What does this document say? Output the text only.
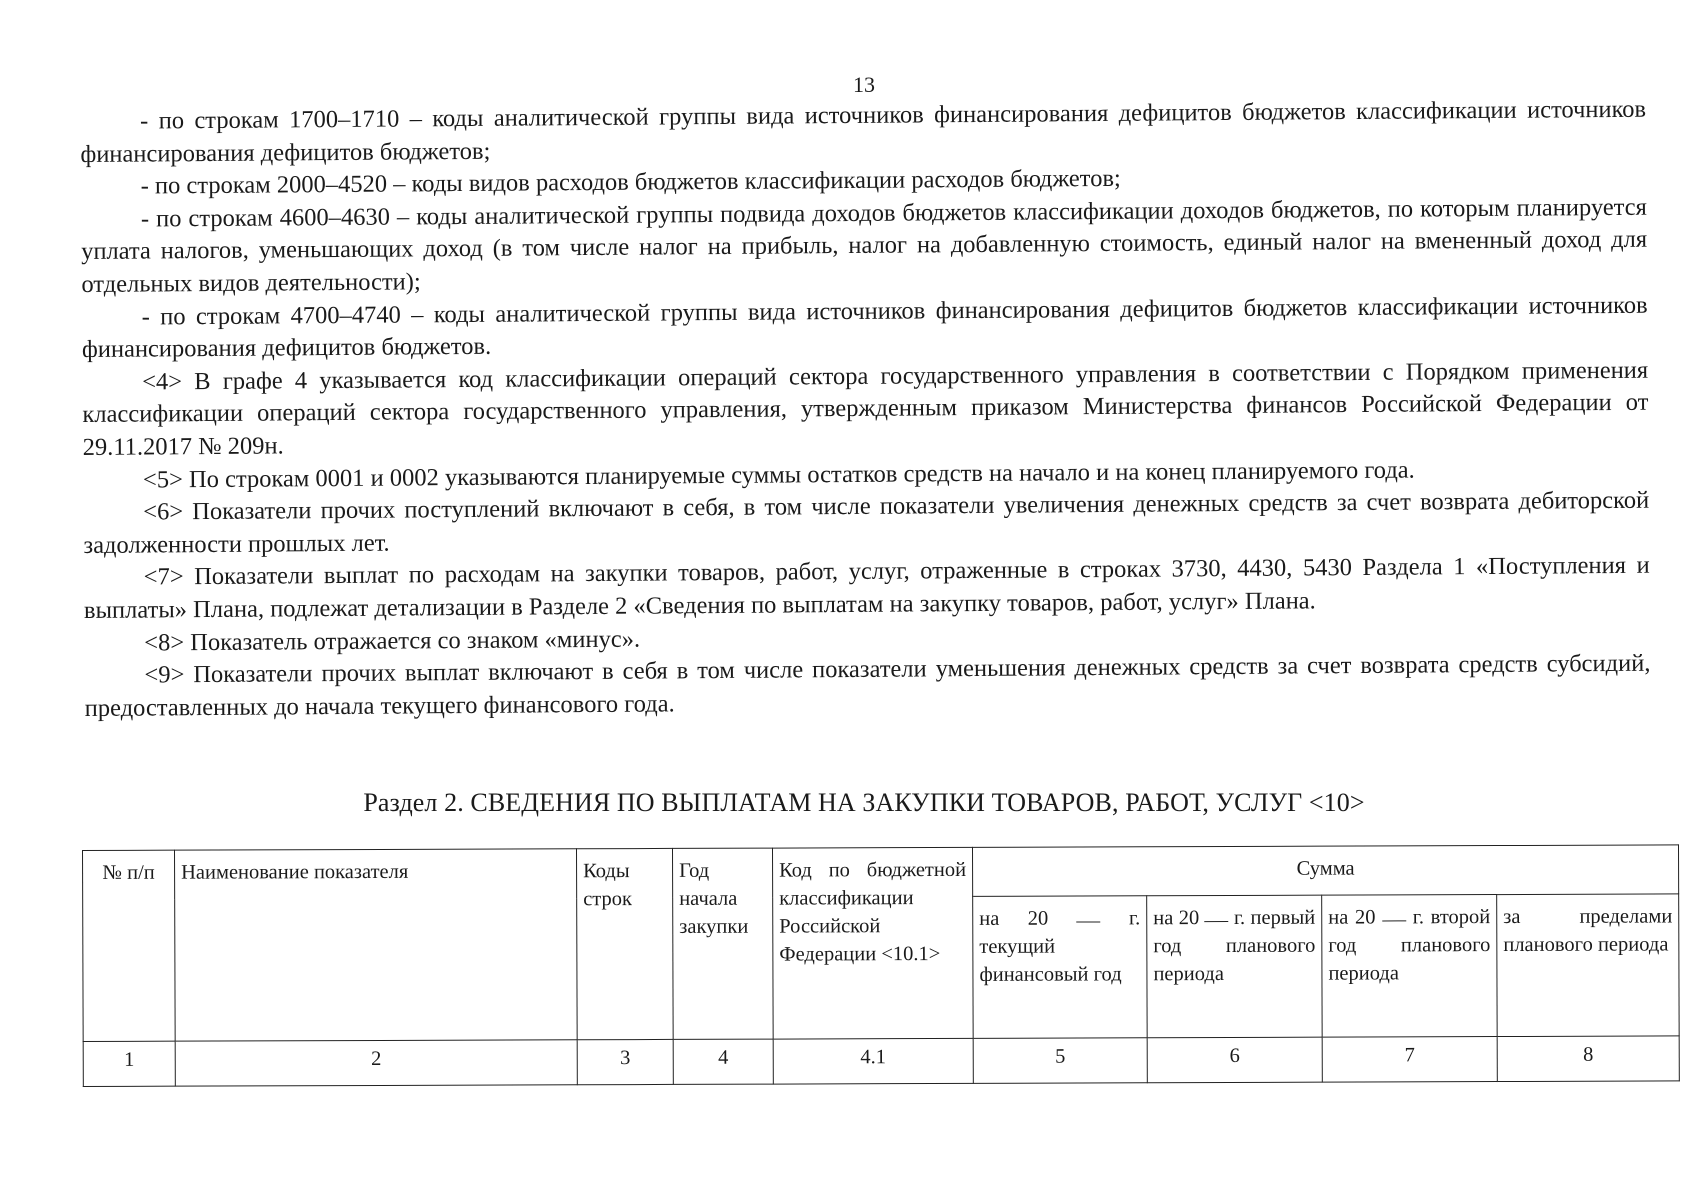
13

- по строкам 1700–1710 – коды аналитической группы вида источников финансирования дефицитов бюджетов классификации источников финансирования дефицитов бюджетов;

- по строкам 2000–4520 – коды видов расходов бюджетов классификации расходов бюджетов;

- по строкам 4600–4630 – коды аналитической группы подвида доходов бюджетов классификации доходов бюджетов, по которым планируется уплата налогов, уменьшающих доход (в том числе налог на прибыль, налог на добавленную стоимость, единый налог на вмененный доход для отдельных видов деятельности);

- по строкам 4700–4740 – коды аналитической группы вида источников финансирования дефицитов бюджетов классификации источников финансирования дефицитов бюджетов.

<4> В графе 4 указывается код классификации операций сектора государственного управления в соответствии с Порядком применения классификации операций сектора государственного управления, утвержденным приказом Министерства финансов Российской Федерации от 29.11.2017 № 209н.

<5> По строкам 0001 и 0002 указываются планируемые суммы остатков средств на начало и на конец планируемого года.

<6> Показатели прочих поступлений включают в себя, в том числе показатели увеличения денежных средств за счет возврата дебиторской задолженности прошлых лет.

<7> Показатели выплат по расходам на закупки товаров, работ, услуг, отраженные в строках 3730, 4430, 5430 Раздела 1 «Поступления и выплаты» Плана, подлежат детализации в Разделе 2 «Сведения по выплатам на закупку товаров, работ, услуг» Плана.

<8> Показатель отражается со знаком «минус».

<9> Показатели прочих выплат включают в себя в том числе показатели уменьшения денежных средств за счет возврата средств субсидий, предоставленных до начала текущего финансового года.

Раздел 2. СВЕДЕНИЯ ПО ВЫПЛАТАМ НА ЗАКУПКИ ТОВАРОВ, РАБОТ, УСЛУГ <10>
№ п/п	Наименование показателя	Коды строк	Год начала закупки	Код по бюджетной классификации Российской Федерации <10.1>	Сумма			
					на 20 г. текущий финансовый год	на 20 г. первый год планового периода	на 20 г. второй год планового периода	за пределами планового периода
1	2	3	4	4.1	5	6	7	8
